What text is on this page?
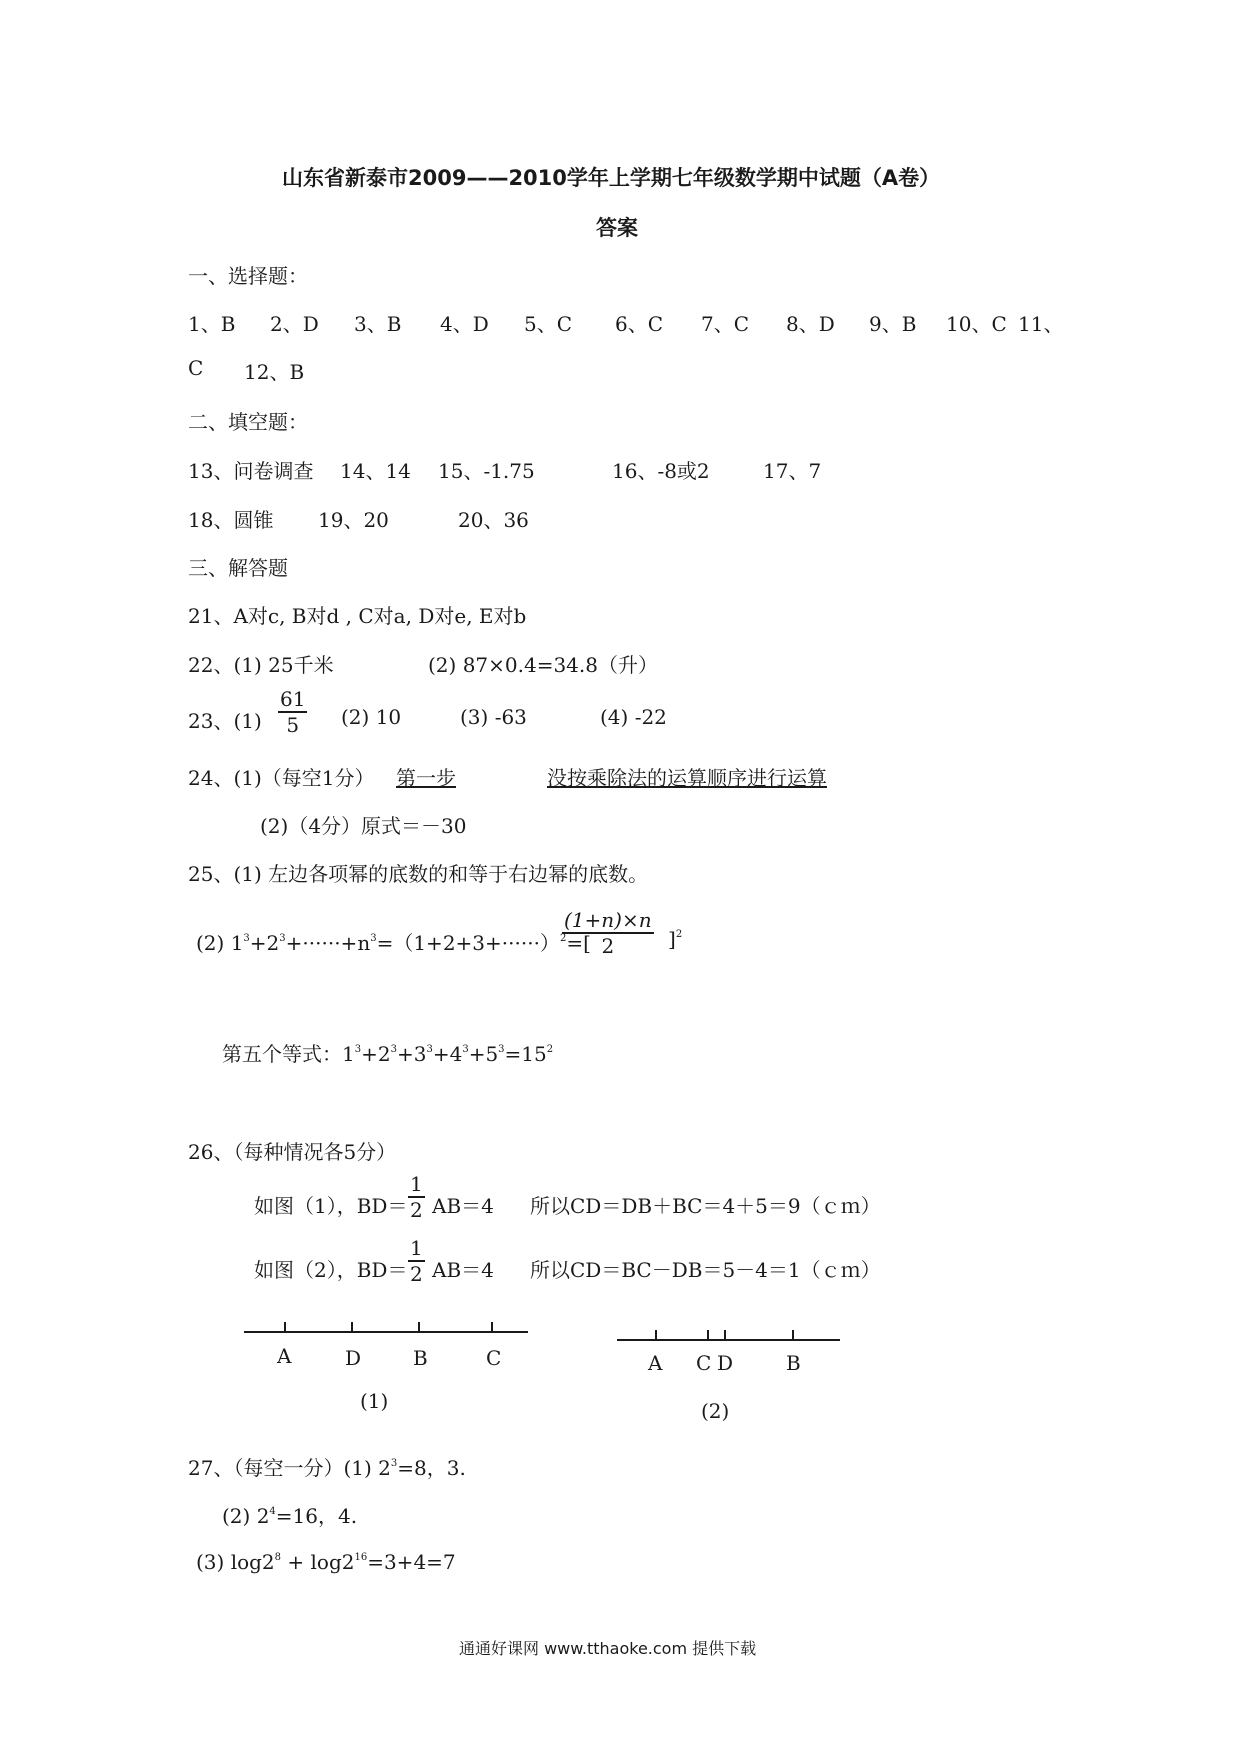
山东省新泰市2009——2010学年上学期七年级数学期中试题（A卷）
答案
一、选择题：
1、B 2、D 3、B 4、D 5、C 6、C 7、C 8、D 9、B 10、C 11、
C 12、B
二、填空题：
13、问卷调查 14、14 15、-1.75	16、-8或2	17、7
18、圆锥 19、20	20、36
三、解答题
21、A对c, B对d , C对a, D对e, E对b
22、(1) 25千米	(2) 87×0.4=34.8（升）
23、$(1) \frac{61}{5} (2)$ 10	(3) -63	(4) -22
24、(1)（每空1分） 第一步	没按乘除法的运算顺序进行运算
(2)（4分）原式＝－30
25、(1) 左边各项幂的底数的和等于右边幂的底数。
(2) $1^3+2^3+\cdot\cdot\cdot\cdot\cdot\cdot+n^3=(1+2+3+\cdot\cdot\cdot\cdot\cdot\cdot)^2=$[
$\frac{(1+n)\times n}{2} ]^2$
第五个等式：$1^3+2^3+3^3+4^3+5^3=15^2$
26、（每种情况各5分）
如图（1），$BD= \frac{1}{2} AB=4$ 所以CD＝DB＋BC＝4＋5＝9（ｃｍ）
如图（2），$BD= \frac{1}{2} AB=4$ 所以CD＝BC－DB＝5－4＝1（ｃｍ）
A	D	B	C
(1)
A C D	B
(2)
27、（每空一分）(1) $2^3=8$，3.
(2) $2^4=16$，4.
(3) $\log 2^8 + \log 2^{16}=3+4=7$
通通好课网 www.tthaoke.com 提供下载
